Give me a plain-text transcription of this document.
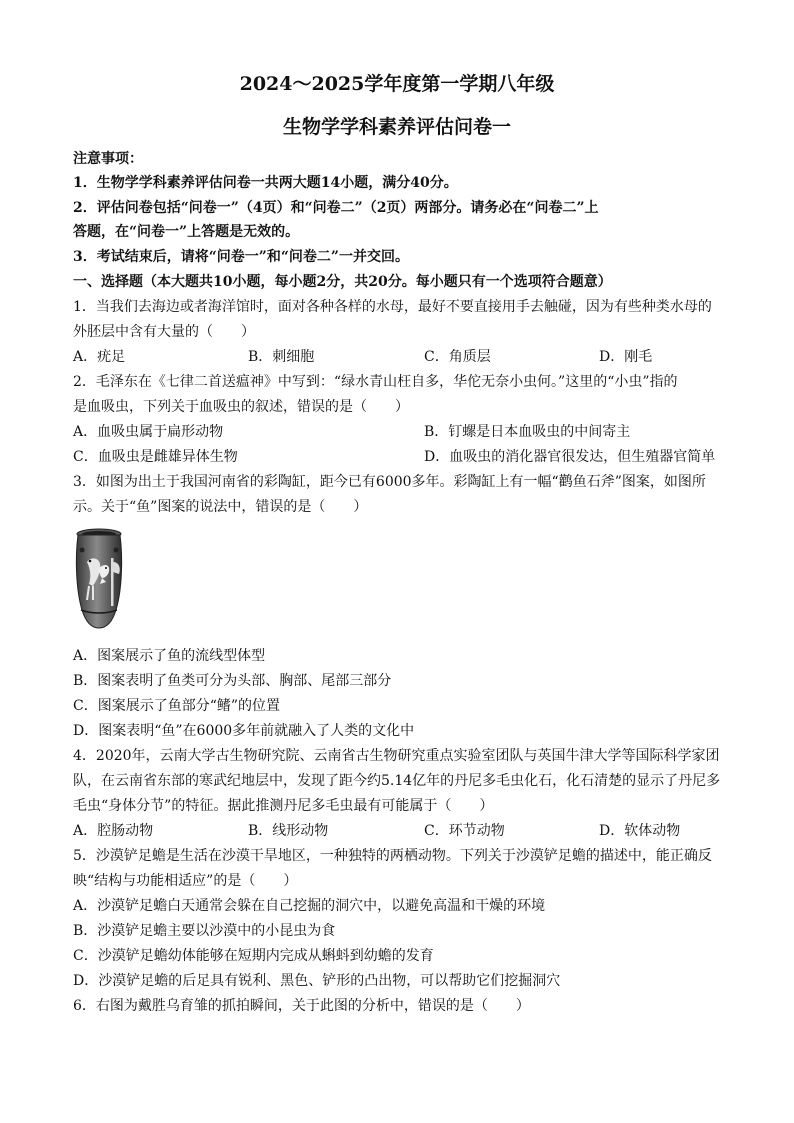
2024～2025学年度第一学期八年级
生物学学科素养评估问卷一
注意事项：
1．生物学学科素养评估问卷一共两大题14小题，满分40分。
2．评估问卷包括“问卷一”（4页）和“问卷二”（2页）两部分。请务必在“问卷二”上
答题，在“问卷一”上答题是无效的。
3．考试结束后，请将“问卷一”和“问卷二”一并交回。
一、选择题（本大题共10小题，每小题2分，共20分。每小题只有一个选项符合题意）
1．当我们去海边或者海洋馆时，面对各种各样的水母，最好不要直接用手去触碰，因为有些种类水母的
外胚层中含有大量的（　　）
A．疣足	B．刺细胞	C．角质层	D．刚毛
2．毛泽东在《七律二首送瘟神》中写到：“绿水青山枉自多，华佗无奈小虫何。”这里的“小虫”指的
是血吸虫，下列关于血吸虫的叙述，错误的是（　　）
A．血吸虫属于扁形动物	B．钉螺是日本血吸虫的中间寄主
C．血吸虫是雌雄异体生物	D．血吸虫的消化器官很发达，但生殖器官简单
3．如图为出土于我国河南省的彩陶缸，距今已有6000多年。彩陶缸上有一幅“鹳鱼石斧”图案，如图所
示。关于“鱼”图案的说法中，错误的是（　　）
A．图案展示了鱼的流线型体型
B．图案表明了鱼类可分为头部、胸部、尾部三部分
C．图案展示了鱼部分“鳍”的位置
D．图案表明“鱼”在6000多年前就融入了人类的文化中
4．2020年，云南大学古生物研究院、云南省古生物研究重点实验室团队与英国牛津大学等国际科学家团
队，在云南省东部的寒武纪地层中，发现了距今约5.14亿年的丹尼多毛虫化石，化石清楚的显示了丹尼多
毛虫“身体分节”的特征。据此推测丹尼多毛虫最有可能属于（　　）
A．腔肠动物	B．线形动物	C．环节动物	D．软体动物
5．沙漠铲足蟾是生活在沙漠干旱地区，一种独特的两栖动物。下列关于沙漠铲足蟾的描述中，能正确反
映“结构与功能相适应”的是（　　）
A．沙漠铲足蟾白天通常会躲在自己挖掘的洞穴中，以避免高温和干燥的环境
B．沙漠铲足蟾主要以沙漠中的小昆虫为食
C．沙漠铲足蟾幼体能够在短期内完成从蝌蚪到幼蟾的发育
D．沙漠铲足蟾的后足具有锐利、黑色、铲形的凸出物，可以帮助它们挖掘洞穴
6．右图为戴胜乌育雏的抓拍瞬间，关于此图的分析中，错误的是（　　）
